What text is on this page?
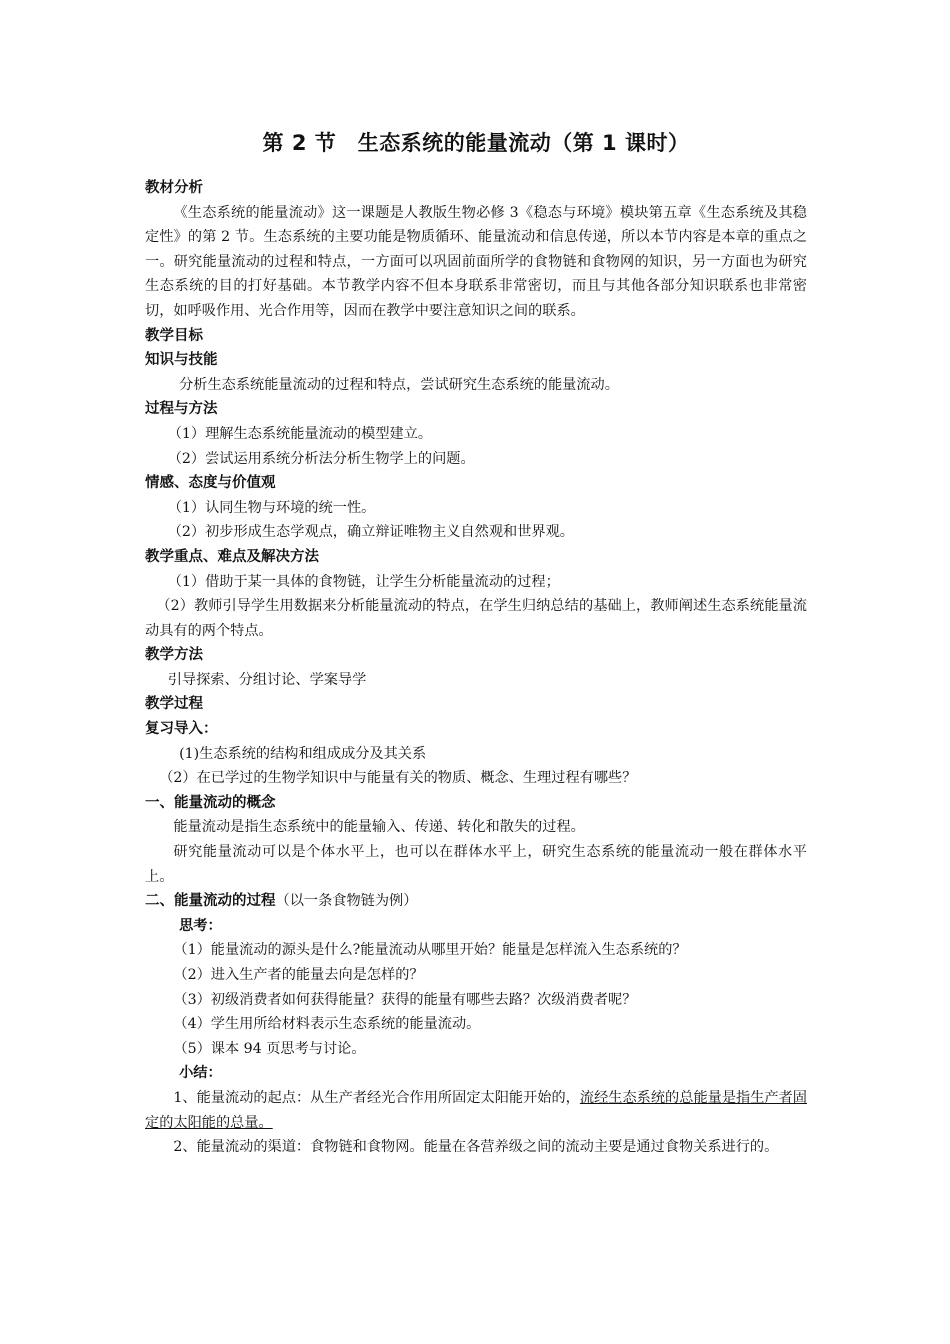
第 2 节　生态系统的能量流动（第 1 课时）
教材分析
《生态系统的能量流动》这一课题是人教版生物必修 3《稳态与环境》模块第五章《生态系统及其稳定性》的第 2 节。生态系统的主要功能是物质循环、能量流动和信息传递，所以本节内容是本章的重点之一。研究能量流动的过程和特点，一方面可以巩固前面所学的食物链和食物网的知识，另一方面也为研究生态系统的目的打好基础。本节教学内容不但本身联系非常密切，而且与其他各部分知识联系也非常密切，如呼吸作用、光合作用等，因而在教学中要注意知识之间的联系。
教学目标
知识与技能
分析生态系统能量流动的过程和特点，尝试研究生态系统的能量流动。
过程与方法
（1）理解生态系统能量流动的模型建立。
（2）尝试运用系统分析法分析生物学上的问题。
情感、态度与价值观
（1）认同生物与环境的统一性。
（2）初步形成生态学观点，确立辩证唯物主义自然观和世界观。
教学重点、难点及解决方法
（1）借助于某一具体的食物链，让学生分析能量流动的过程；
（2）教师引导学生用数据来分析能量流动的特点，在学生归纳总结的基础上，教师阐述生态系统能量流动具有的两个特点。
教学方法
引导探索、分组讨论、学案导学
教学过程
复习导入：
(1)生态系统的结构和组成成分及其关系
（2）在已学过的生物学知识中与能量有关的物质、概念、生理过程有哪些？
一、能量流动的概念
能量流动是指生态系统中的能量输入、传递、转化和散失的过程。
研究能量流动可以是个体水平上，也可以在群体水平上，研究生态系统的能量流动一般在群体水平上。
二、能量流动的过程（以一条食物链为例）
思考：
（1）能量流动的源头是什么?能量流动从哪里开始？能量是怎样流入生态系统的？
（2）进入生产者的能量去向是怎样的？
（3）初级消费者如何获得能量？获得的能量有哪些去路？次级消费者呢？
（4）学生用所给材料表示生态系统的能量流动。
（5）课本 94 页思考与讨论。
小结：
1、能量流动的起点：从生产者经光合作用所固定太阳能开始的，流经生态系统的总能量是指生产者固定的太阳能的总量。
2、能量流动的渠道：食物链和食物网。能量在各营养级之间的流动主要是通过食物关系进行的。
